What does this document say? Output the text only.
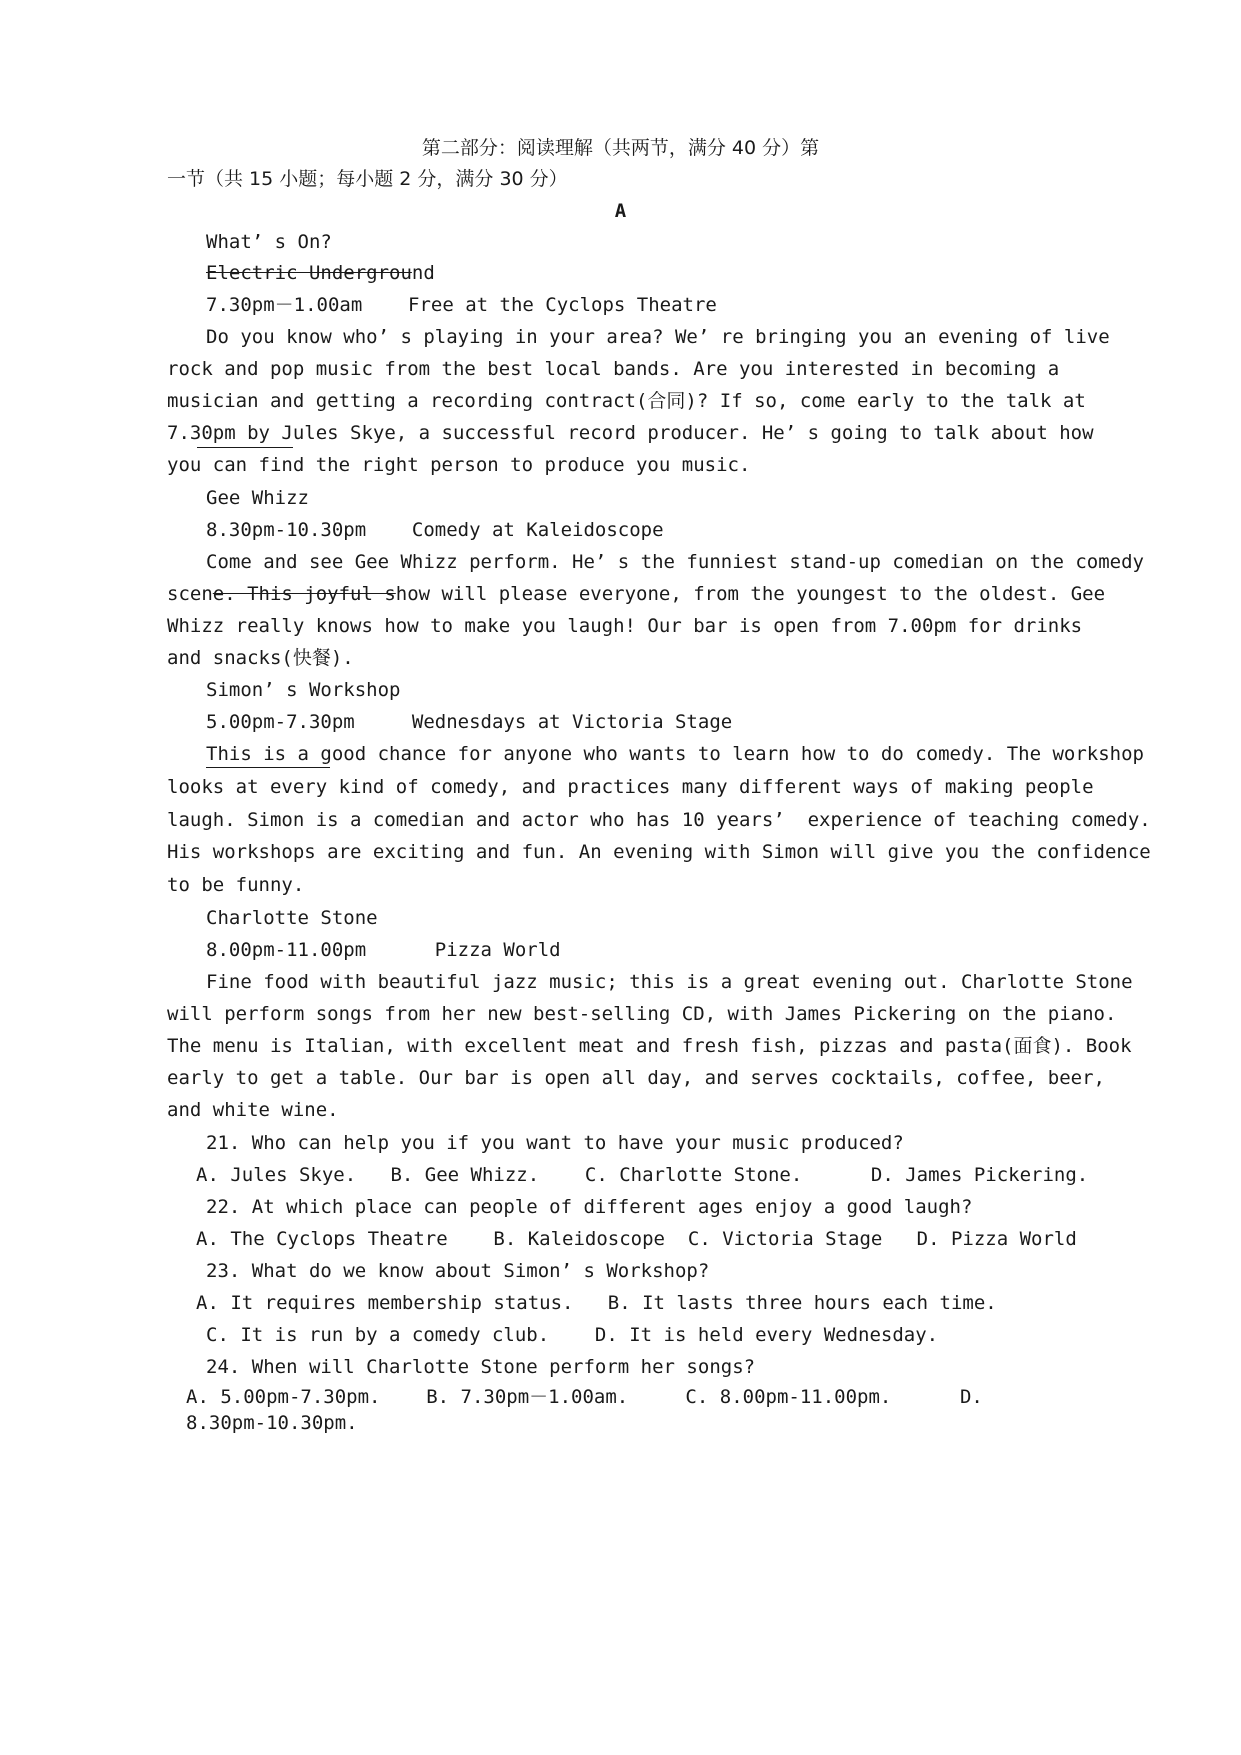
第二部分：阅读理解（共两节，满分 40 分）第
一节（共 15 小题；每小题 2 分，满分 30 分）
A
What’ s On?
Electric Underground
7.30pm－1.00am    Free at the Cyclops Theatre
Do you know who’ s playing in your area? We’ re bringing you an evening of live
rock and pop music from the best local bands. Are you interested in becoming a
musician and getting a recording contract(合同)? If so, come early to the talk at
7.30pm by Jules Skye, a successful record producer. He’ s going to talk about how
you can find the right person to produce you music.
Gee Whizz
8.30pm-10.30pm    Comedy at Kaleidoscope
Come and see Gee Whizz perform. He’ s the funniest stand-up comedian on the comedy
scene. This joyful show will please everyone, from the youngest to the oldest. Gee
Whizz really knows how to make you laugh! Our bar is open from 7.00pm for drinks
and snacks(快餐).
Simon’ s Workshop
5.00pm-7.30pm     Wednesdays at Victoria Stage
This is a good chance for anyone who wants to learn how to do comedy. The workshop
looks at every kind of comedy, and practices many different ways of making people
laugh. Simon is a comedian and actor who has 10 years’  experience of teaching comedy.
His workshops are exciting and fun. An evening with Simon will give you the confidence
to be funny.
Charlotte Stone
8.00pm-11.00pm      Pizza World
Fine food with beautiful jazz music; this is a great evening out. Charlotte Stone
will perform songs from her new best-selling CD, with James Pickering on the piano.
The menu is Italian, with excellent meat and fresh fish, pizzas and pasta(面食). Book
early to get a table. Our bar is open all day, and serves cocktails, coffee, beer,
and white wine.
21. Who can help you if you want to have your music produced?
A. Jules Skye.   B. Gee Whizz.    C. Charlotte Stone.      D. James Pickering.
22. At which place can people of different ages enjoy a good laugh?
A. The Cyclops Theatre    B. Kaleidoscope  C. Victoria Stage   D. Pizza World
23. What do we know about Simon’ s Workshop?
A. It requires membership status.   B. It lasts three hours each time.
C. It is run by a comedy club.    D. It is held every Wednesday.
24. When will Charlotte Stone perform her songs?
A. 5.00pm-7.30pm.    B. 7.30pm－1.00am.     C. 8.00pm-11.00pm.      D.
8.30pm-10.30pm.
